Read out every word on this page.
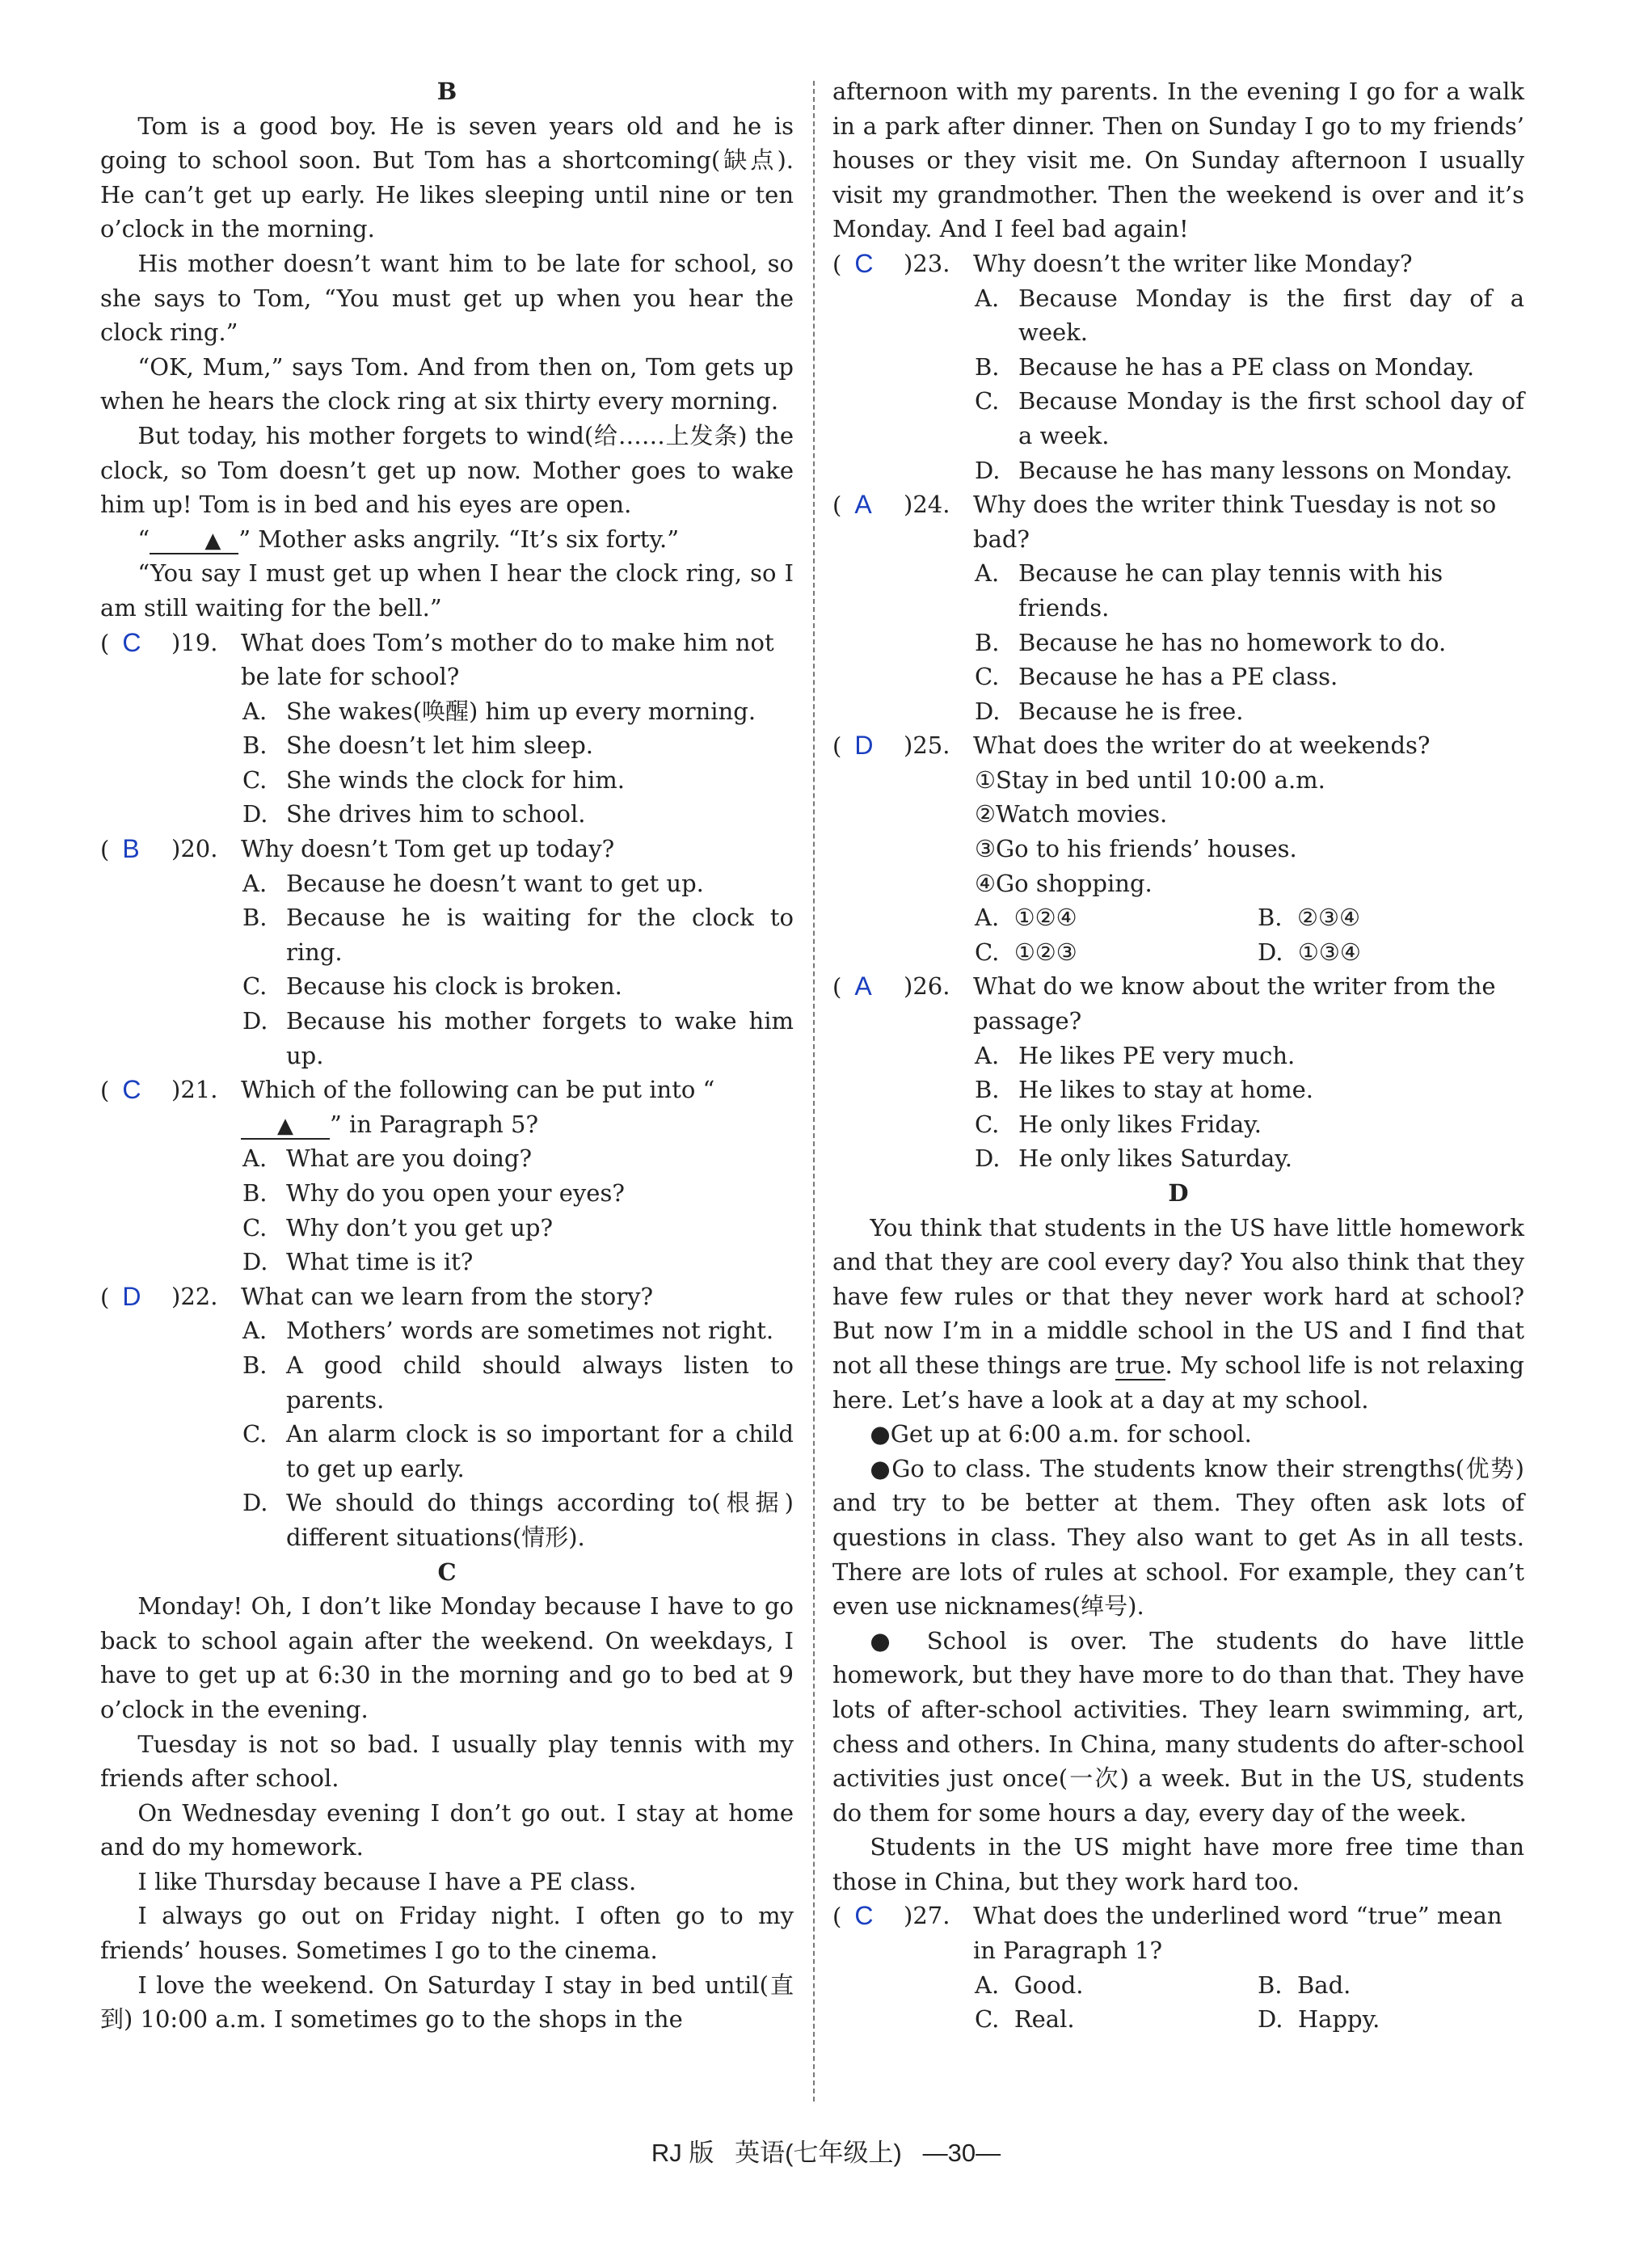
B

Tom is a good boy. He is seven years old and he is going to school soon. But Tom has a shortcoming(缺点). He can’t get up early. He likes sleeping until nine or ten o’clock in the morning.

His mother doesn’t want him to be late for school, so she says to Tom, “You must get up when you hear the clock ring.”

“OK, Mum,” says Tom. And from then on, Tom gets up when he hears the clock ring at six thirty every morning.

But today, his mother forgets to wind(给……上发条) the clock, so Tom doesn’t get up now. Mother goes to wake him up! Tom is in bed and his eyes are open.

“	▲ ” Mother asks angrily. “It’s six forty.”

“You say I must get up when I hear the clock ring, so I am still waiting for the bell.”

( C	)19. What does Tom’s mother do to make him not be late for school?
A. She wakes(唤醒) him up every morning.
B. She doesn’t let him sleep.
C. She winds the clock for him.
D. She drives him to school.
( B	)20. Why doesn’t Tom get up today?
A. Because he doesn’t want to get up.
B. Because he is waiting for the clock to ring.
C. Because his clock is broken.
D. Because his mother forgets to wake him up.
( C	)21. Which of the following can be put into “▲ ” in Paragraph 5?
A. What are you doing?
B. Why do you open your eyes?
C. Why don’t you get up?
D. What time is it?
( D	)22. What can we learn from the story?
A. Mothers’ words are sometimes not right.
B. A good child should always listen to parents.
C. An alarm clock is so important for a child to get up early.
D. We should do things according to(根据) different situations(情形).
C

Monday! Oh, I don’t like Monday because I have to go back to school again after the weekend. On weekdays, I have to get up at 6:30 in the morning and go to bed at 9 o’clock in the evening.

Tuesday is not so bad. I usually play tennis with my friends after school.

On Wednesday evening I don’t go out. I stay at home and do my homework.

I like Thursday because I have a PE class.

I always go out on Friday night. I often go to my friends’ houses. Sometimes I go to the cinema.

I love the weekend. On Saturday I stay in bed until(直到) 10:00 a.m. I sometimes go to the shops in the

afternoon with my parents. In the evening I go for a walk in a park after dinner. Then on Sunday I go to my friends’ houses or they visit me. On Sunday afternoon I usually visit my grandmother. Then the weekend is over and it’s Monday. And I feel bad again!

( C	)23. Why doesn’t the writer like Monday?
A. Because Monday is the first day of a week.
B. Because he has a PE class on Monday.
C. Because Monday is the first school day of a week.
D. Because he has many lessons on Monday.
( A	)24. Why does the writer think Tuesday is not so bad?
A. Because he can play tennis with his friends.
B. Because he has no homework to do.
C. Because he has a PE class.
D. Because he is free.
( D	)25. What does the writer do at weekends?

①Stay in bed until 10:00 a.m.

②Watch movies.

③Go to his friends’ houses.

④Go shopping.

A. ①②④	B. ②③④
C. ①②③	D. ①③④
( A	)26. What do we know about the writer from the passage?
A. He likes PE very much.
B. He likes to stay at home.
C. He only likes Friday.
D. He only likes Saturday.
D

You think that students in the US have little homework and that they are cool every day? You also think that they have few rules or that they never work hard at school? But now I’m in a middle school in the US and I find that not all these things are true. My school life is not relaxing here. Let’s have a look at a day at my school.

●Get up at 6:00 a.m. for school.

●Go to class. The students know their strengths(优势) and try to be better at them. They often ask lots of questions in class. They also want to get As in all tests. There are lots of rules at school. For example, they can’t even use nicknames(绰号).

● School is over. The students do have little homework, but they have more to do than that. They have lots of after-school activities. They learn swimming, art, chess and others. In China, many students do after-school activities just once(一次) a week. But in the US, students do them for some hours a day, every day of the week.

Students in the US might have more free time than those in China, but they work hard too.

( C	)27. What does the underlined word “true” mean in Paragraph 1?
A. Good.	B. Bad.
C. Real.	D. Happy.
RJ 版 英语(七年级上) —30—
